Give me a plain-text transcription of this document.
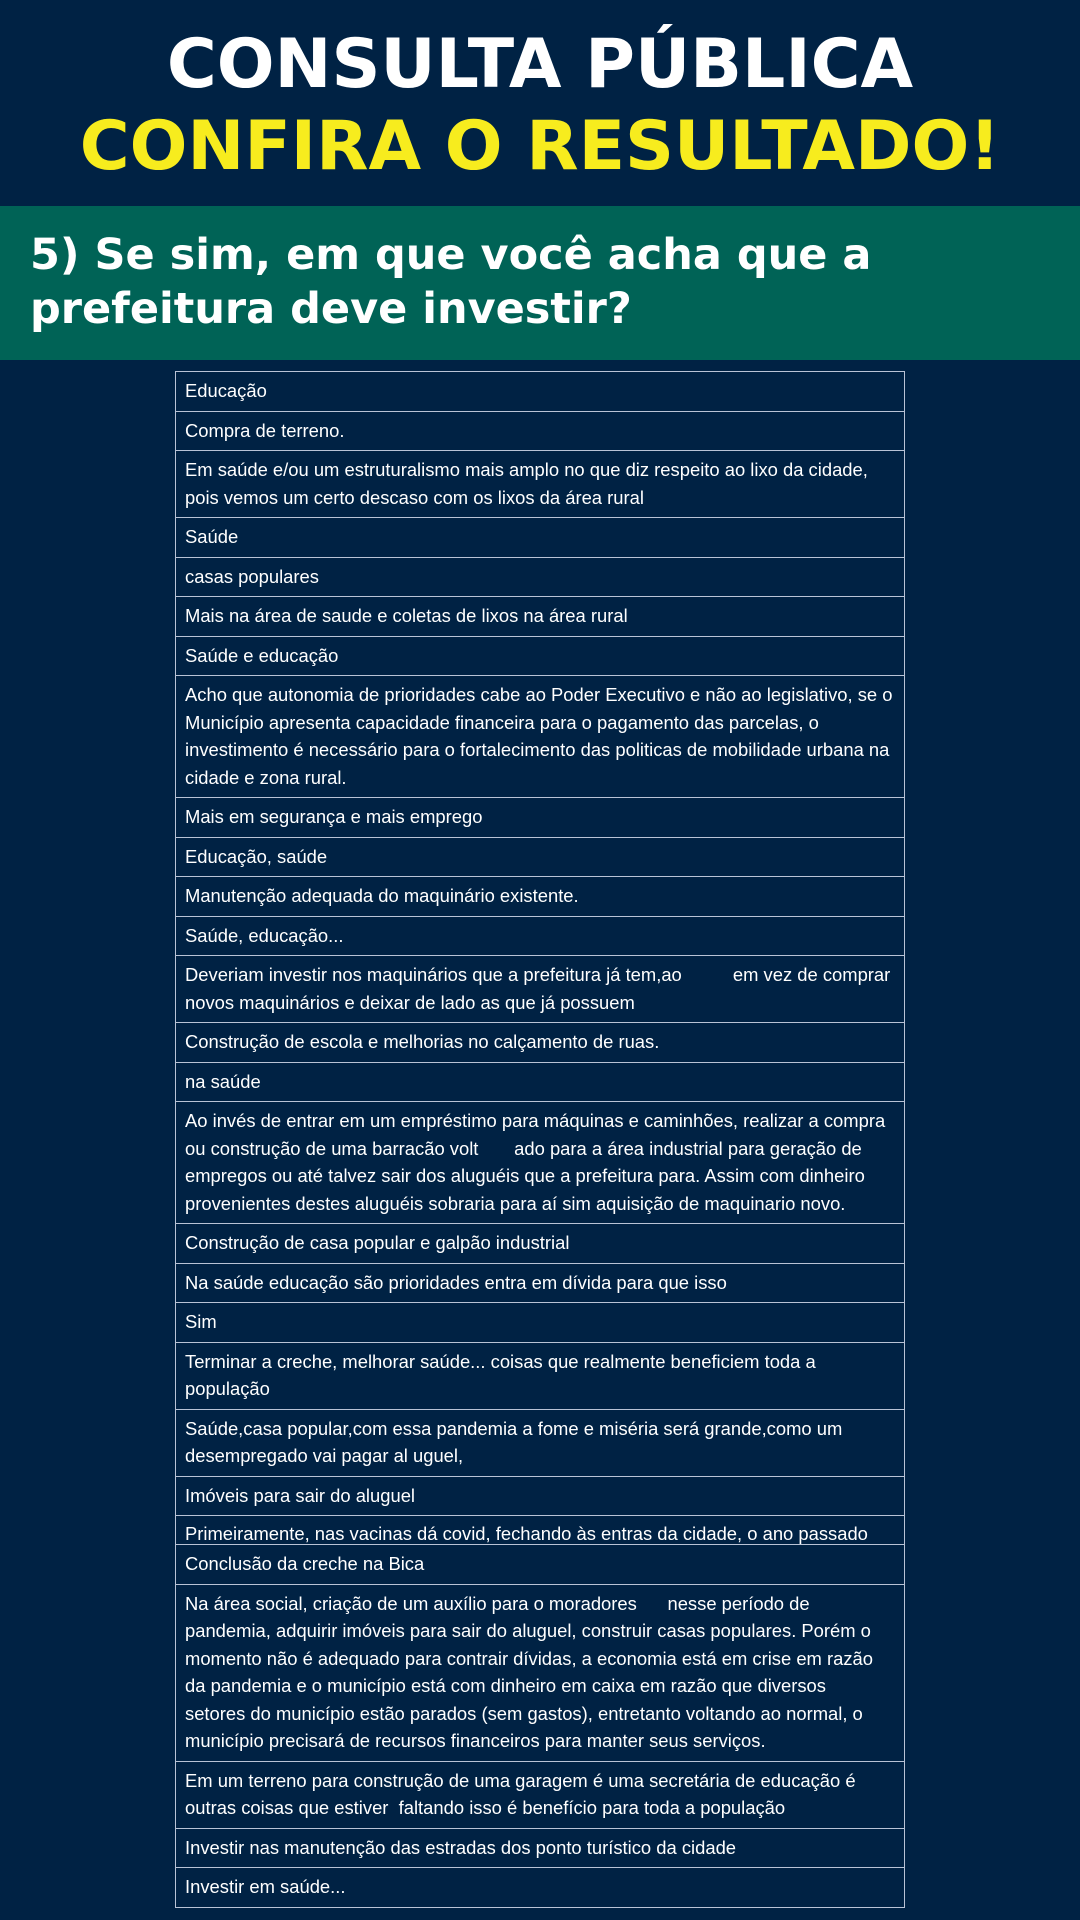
CONSULTA PÚBLICA
CONFIRA O RESULTADO!
5) Se sim, em que você acha que a prefeitura deve investir?
Educação
Compra de terreno.
Em saúde e/ou um estruturalismo mais amplo no que diz respeito ao lixo da cidade, pois vemos um certo descaso com os lixos da área rural
Saúde
casas populares
Mais na área de saude e coletas de lixos na área rural
Saúde e educação
Acho que autonomia de prioridades cabe ao Poder Executivo e não ao legislativo, se o Município apresenta capacidade financeira para o pagamento das parcelas, o investimento é necessário para o fortalecimento das politicas de mobilidade urbana na cidade e zona rural.
Mais em segurança e mais emprego
Educação, saúde
Manutenção adequada do maquinário existente.
Saúde, educação...
Deveriam investir nos maquinários que a prefeitura já tem,ao          em vez de comprar novos maquinários e deixar de lado as que já possuem
Construção de escola e melhorias no calçamento de ruas.
na saúde
Ao invés de entrar em um empréstimo para máquinas e caminhões, realizar a compra ou construção de uma barracão volt       ado para a área industrial para geração de empregos ou até talvez sair dos aluguéis que a prefeitura para. Assim com dinheiro provenientes destes aluguéis sobraria para aí sim aquisição de maquinario novo.
Construção de casa popular e galpão industrial
Na saúde educação são prioridades entra em dívida para que isso
Sim
Terminar a creche, melhorar saúde... coisas que realmente beneficiem toda a população
Saúde,casa popular,com essa pandemia a fome e miséria será grande,como um desempregado vai pagar al uguel,
Imóveis para sair do aluguel
Primeiramente, nas vacinas dá covid, fechando às entras da cidade, o ano passado
Conclusão da creche na Bica
Na área social, criação de um auxílio para o moradores      nesse período de pandemia, adquirir imóveis para sair do aluguel, construir casas populares. Porém o momento não é adequado para contrair dívidas, a economia está em crise em razão da pandemia e o município está com dinheiro em caixa em razão que diversos         setores do município estão parados (sem gastos), entretanto voltando ao normal, o município precisará de recursos financeiros para manter seus serviços.
Em um terreno para construção de uma garagem é uma secretária de educação é outras coisas que estiver  faltando isso é benefício para toda a população
Investir nas manutenção das estradas dos ponto turístico da cidade
Investir em saúde...
